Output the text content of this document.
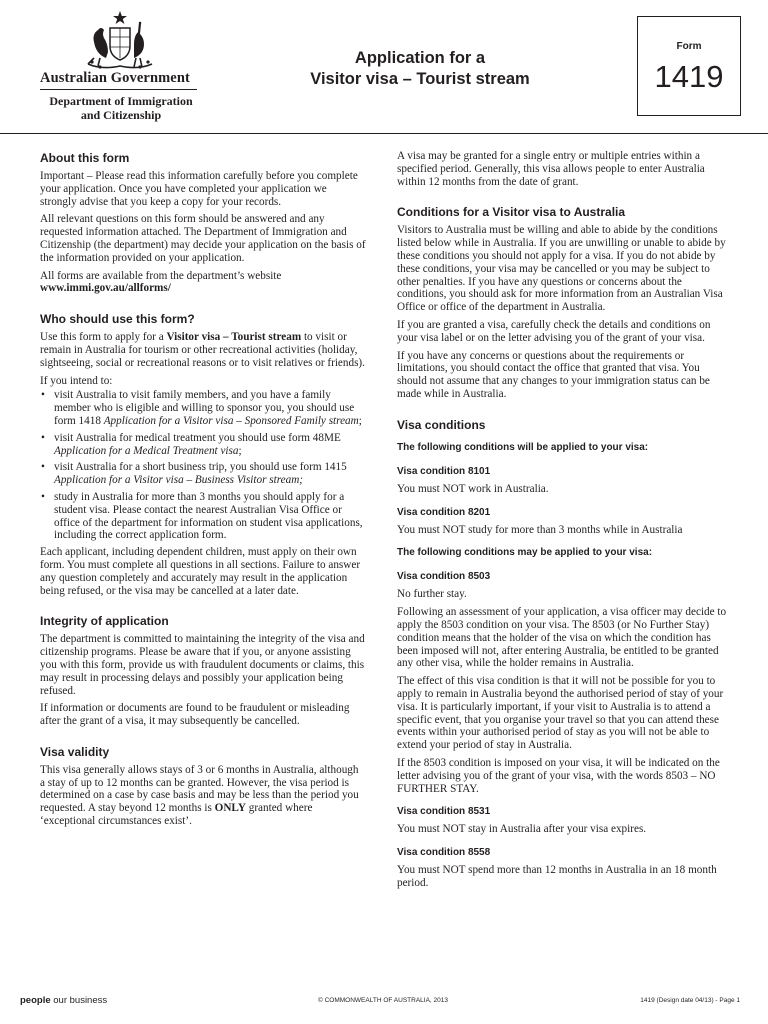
Australian Government
Department of Immigration
and Citizenship
Application for a
Visitor visa – Tourist stream
Form
1419
About this form

Important – Please read this information carefully before you complete your application. Once you have completed your application we strongly advise that you keep a copy for your records.

All relevant questions on this form should be answered and any requested information attached. The Department of Immigration and Citizenship (the department) may decide your application on the basis of the information provided on your application.

All forms are available from the department’s website
www.immi.gov.au/allforms/

Who should use this form?

Use this form to apply for a Visitor visa – Tourist stream to visit or remain in Australia for tourism or other recreational activities (holiday, sightseeing, social or recreational reasons or to visit relatives or friends).

If you intend to:

• visit Australia to visit family members, and you have a family member who is eligible and willing to sponsor you, you should use form 1418 Application for a Visitor visa – Sponsored Family stream;
• visit Australia for medical treatment you should use form 48ME Application for a Medical Treatment visa;
• visit Australia for a short business trip, you should use form 1415 Application for a Visitor visa – Business Visitor stream;
• study in Australia for more than 3 months you should apply for a student visa. Please contact the nearest Australian Visa Office or office of the department for information on student visa applications, including the correct application form.

Each applicant, including dependent children, must apply on their own form. You must complete all questions in all sections. Failure to answer any question completely and accurately may result in the application being refused, or the visa may be cancelled at a later date.

Integrity of application

The department is committed to maintaining the integrity of the visa and citizenship programs. Please be aware that if you, or anyone assisting you with this form, provide us with fraudulent documents or claims, this may result in processing delays and possibly your application being refused.

If information or documents are found to be fraudulent or misleading after the grant of a visa, it may subsequently be cancelled.

Visa validity

This visa generally allows stays of 3 or 6 months in Australia, although a stay of up to 12 months can be granted. However, the visa period is determined on a case by case basis and may be less than the period you requested. A stay beyond 12 months is ONLY granted where ‘exceptional circumstances exist’.

A visa may be granted for a single entry or multiple entries within a specified period. Generally, this visa allows people to enter Australia within 12 months from the date of grant.

Conditions for a Visitor visa to Australia

Visitors to Australia must be willing and able to abide by the conditions listed below while in Australia. If you are unwilling or unable to abide by these conditions you should not apply for a visa. If you do not abide by these conditions, your visa may be cancelled or you may be subject to other penalties. If you have any questions or concerns about the conditions, you should ask for more information from an Australian Visa Office or office of the department in Australia.

If you are granted a visa, carefully check the details and conditions on your visa label or on the letter advising you of the grant of your visa.

If you have any concerns or questions about the requirements or limitations, you should contact the office that granted that visa. You should not assume that any changes to your immigration status can be made while in Australia.

Visa conditions
The following conditions will be applied to your visa:
Visa condition 8101

You must NOT work in Australia.

Visa condition 8201

You must NOT study for more than 3 months while in Australia

The following conditions may be applied to your visa:
Visa condition 8503

No further stay.

Following an assessment of your application, a visa officer may decide to apply the 8503 condition on your visa. The 8503 (or No Further Stay) condition means that the holder of the visa on which the condition has been imposed will not, after entering Australia, be entitled to be granted any other visa, while the holder remains in Australia.

The effect of this visa condition is that it will not be possible for you to apply to remain in Australia beyond the authorised period of stay of your visa. It is particularly important, if your visit to Australia is to attend a specific event, that you organise your travel so that you can attend these events within your authorised period of stay as you will not be able to extend your period of stay in Australia.

If the 8503 condition is imposed on your visa, it will be indicated on the letter advising you of the grant of your visa, with the words 8503 – NO FURTHER STAY.

Visa condition 8531

You must NOT stay in Australia after your visa expires.

Visa condition 8558

You must NOT spend more than 12 months in Australia in an 18 month period.

people our business	© COMMONWEALTH OF AUSTRALIA, 2013	1419 (Design date 04/13) - Page 1
